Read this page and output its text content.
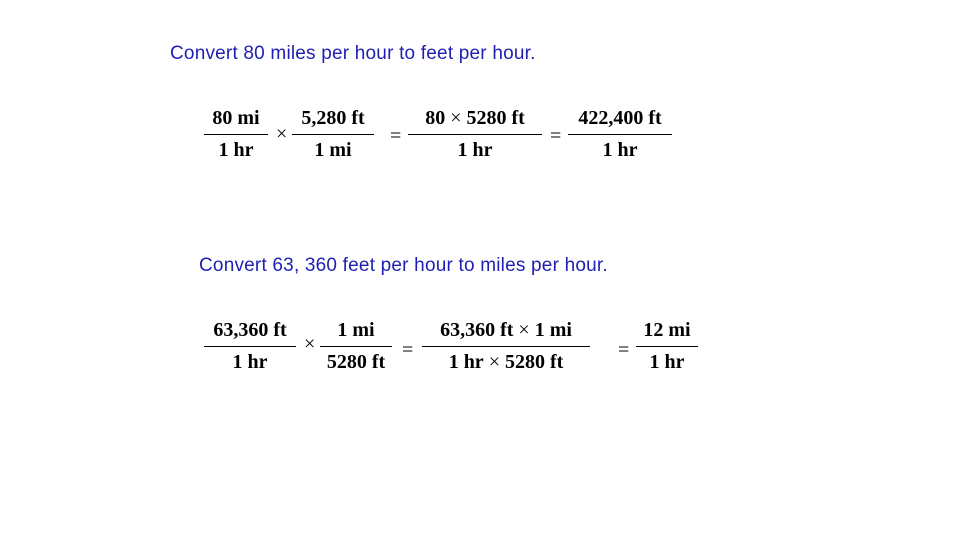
Convert 80 miles per hour to feet per hour.
80 mi
1 hr
×
5,280 ft
1 mi
=
80 × 5280 ft
1 hr
=
422,400 ft
1 hr
Convert 63, 360 feet per hour to miles per hour.
63,360 ft
1 hr
×
1 mi
5280 ft
=
63,360 ft × 1 mi
1 hr × 5280 ft
=
12 mi
1 hr
